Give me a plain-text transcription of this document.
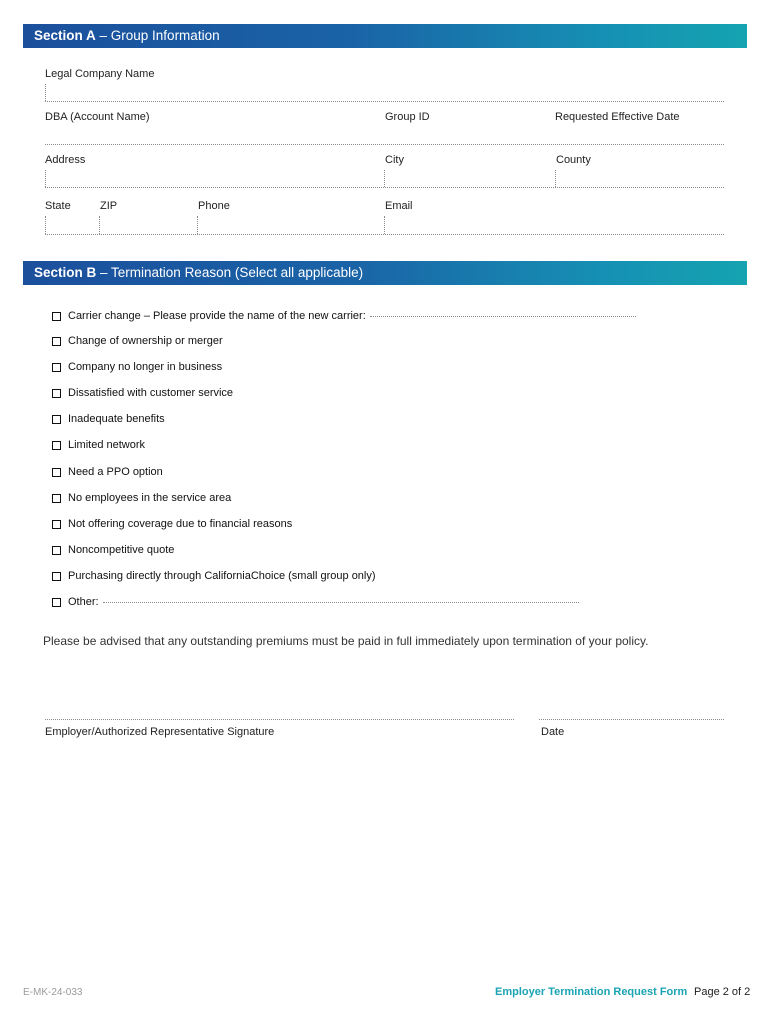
Section A – Group Information
Legal Company Name
DBA (Account Name)	Group ID	Requested Effective Date
Address	City	County
State	ZIP	Phone	Email
Section B – Termination Reason (Select all applicable)
Carrier change – Please provide the name of the new carrier:
Change of ownership or merger
Company no longer in business
Dissatisfied with customer service
Inadequate benefits
Limited network
Need a PPO option
No employees in the service area
Not offering coverage due to financial reasons
Noncompetitive quote
Purchasing directly through CaliforniaChoice (small group only)
Other:
Please be advised that any outstanding premiums must be paid in full immediately upon termination of your policy.
Employer/Authorized Representative Signature	Date
E-MK-24-033	Employer Termination Request Form Page 2 of 2
